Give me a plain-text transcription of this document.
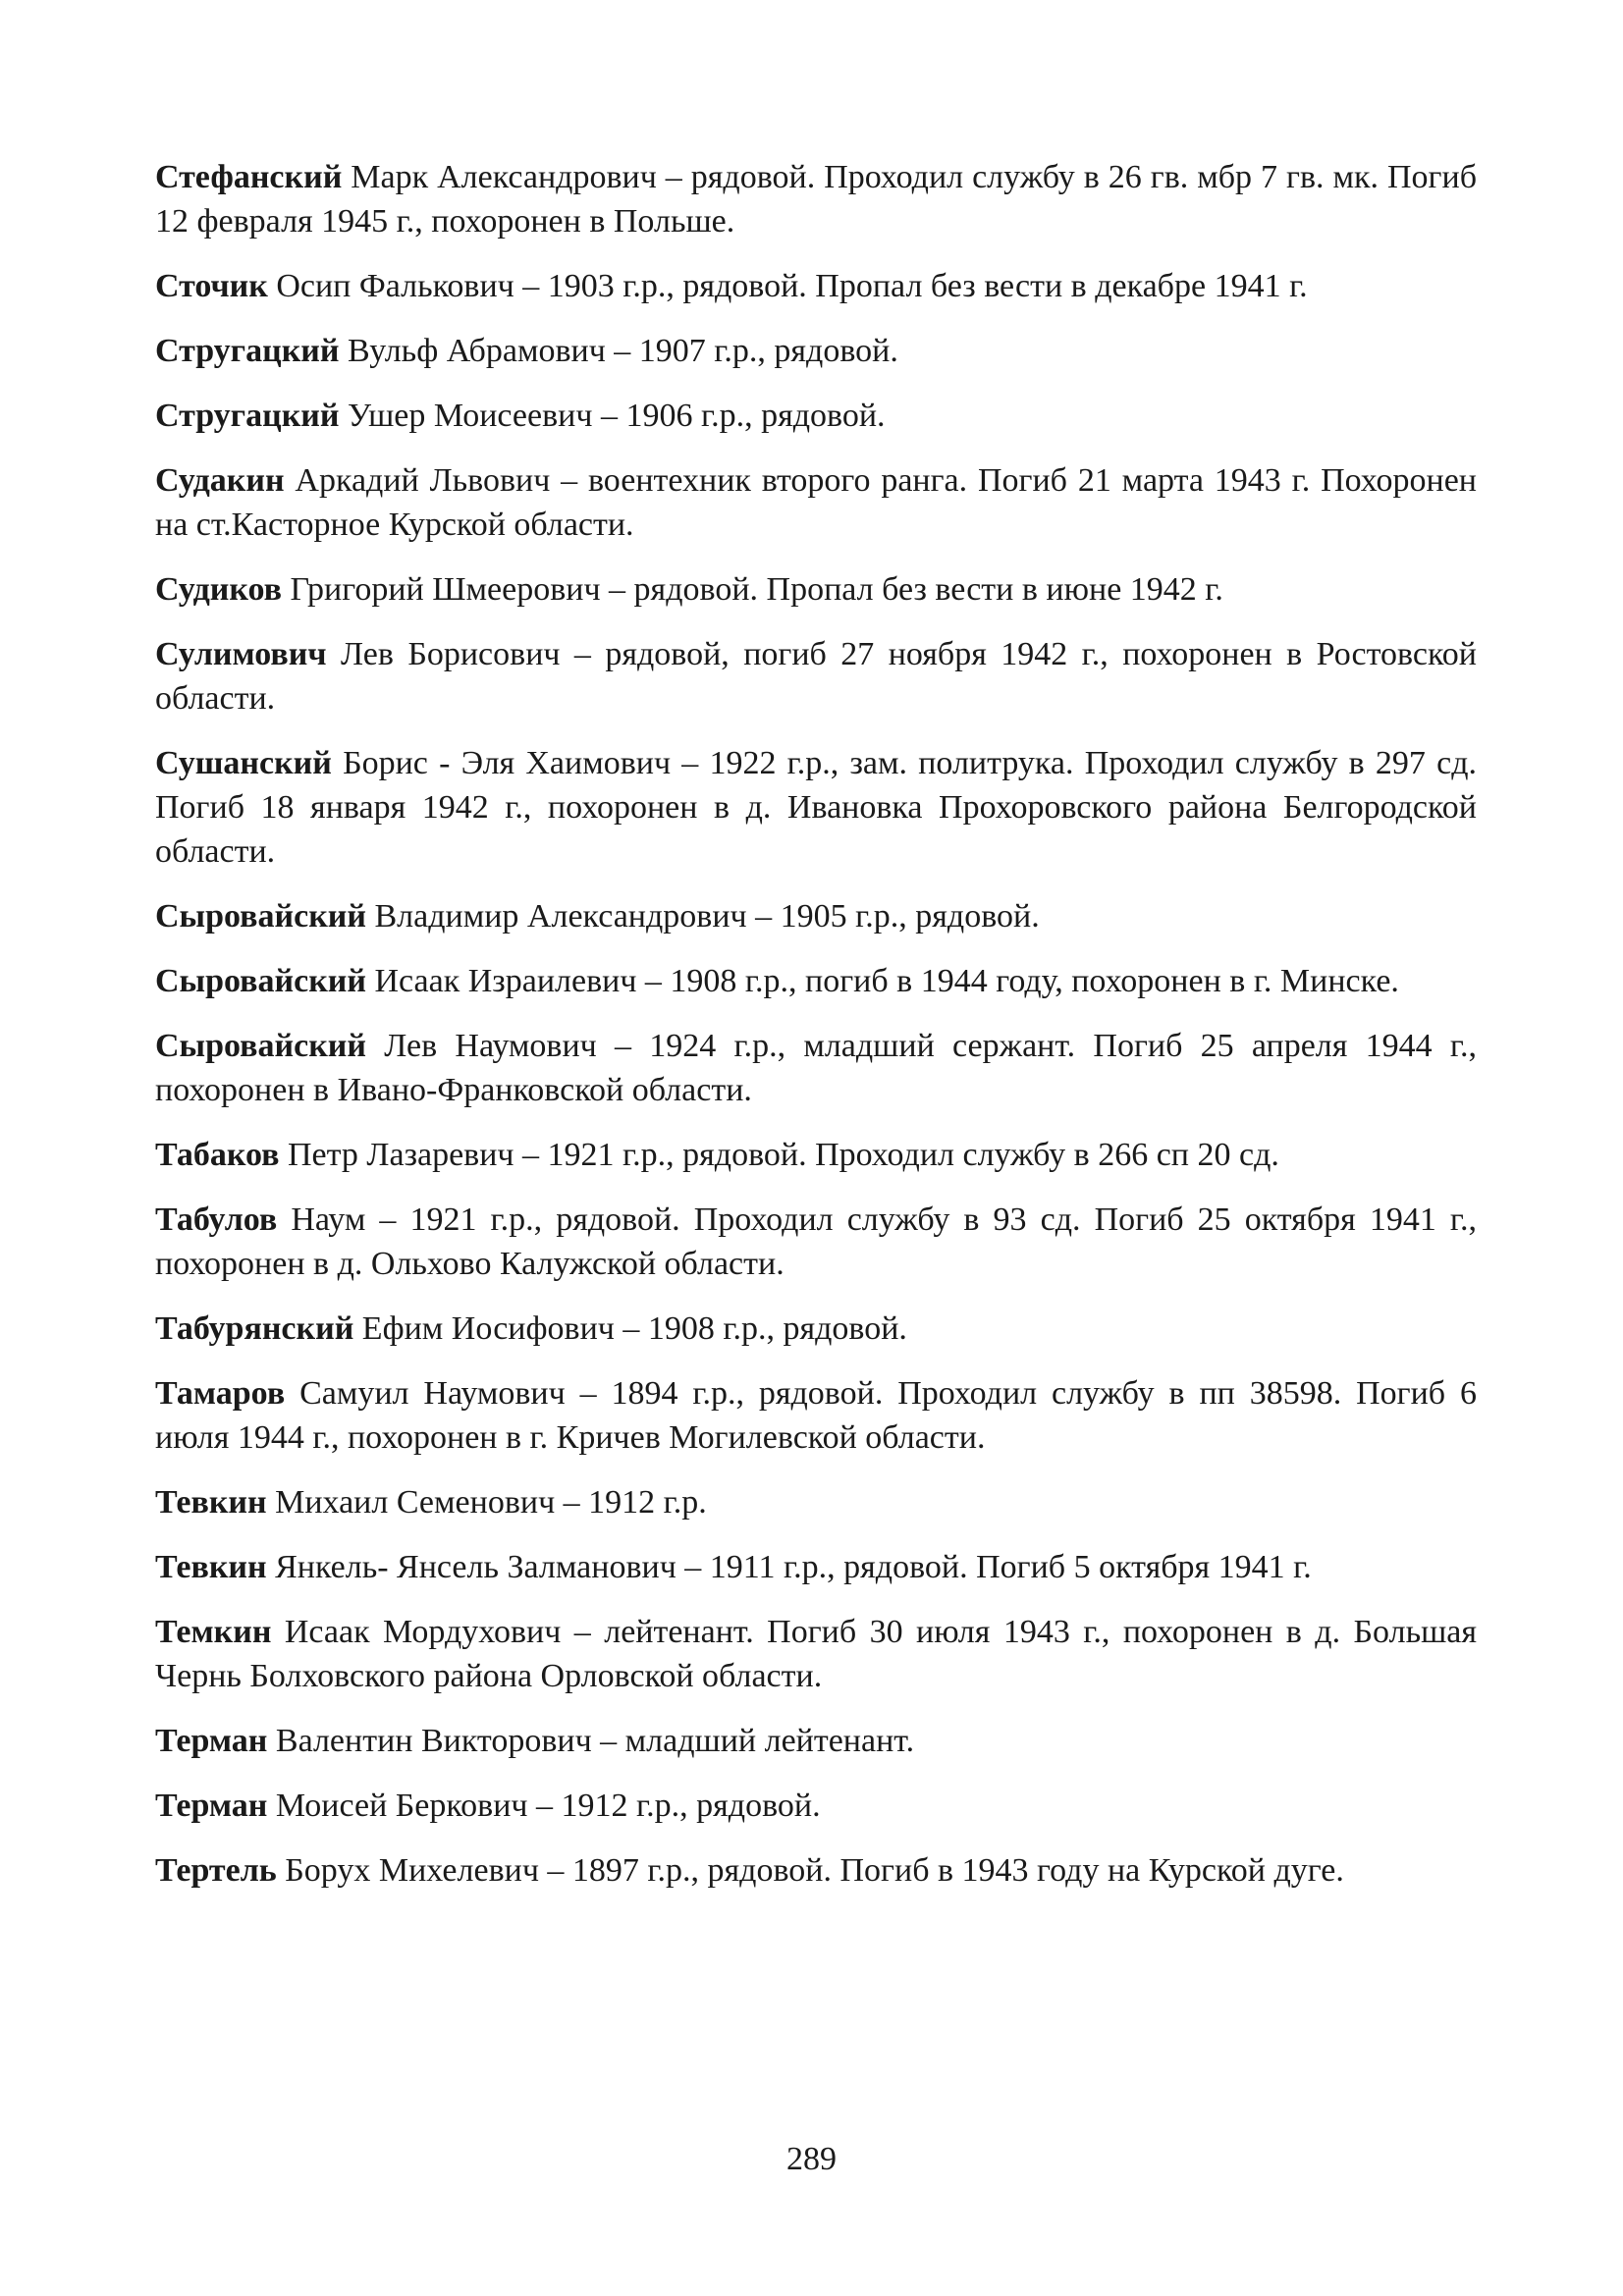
Стефанский Марк Александрович – рядовой. Проходил службу в 26 гв. мбр 7 гв. мк. Погиб 12 февраля 1945 г., похоронен в Польше.

Сточик Осип Фалькович – 1903 г.р., рядовой. Пропал без вести в декабре 1941 г.

Стругацкий Вульф Абрамович – 1907 г.р., рядовой.

Стругацкий Ушер Моисеевич – 1906 г.р., рядовой.

Судакин Аркадий Львович – воентехник второго ранга. Погиб 21 марта 1943 г. Похоронен на ст.Касторное Курской области.

Судиков Григорий Шмеерович – рядовой. Пропал без вести в июне 1942 г.

Сулимович Лев Борисович – рядовой, погиб 27 ноября 1942 г., похоронен в Ростовской области.

Сушанский Борис - Эля Хаимович – 1922 г.р., зам. политрука. Проходил службу в 297 сд. Погиб 18 января 1942 г., похоронен в д. Ивановка Прохоровского района Белгородской области.

Сыровайский Владимир Александрович – 1905 г.р., рядовой.

Сыровайский Исаак Израилевич – 1908 г.р., погиб в 1944 году, похоронен в г. Минске.

Сыровайский Лев Наумович – 1924 г.р., младший сержант. Погиб 25 апреля 1944 г., похоронен в Ивано-Франковской области.

Табаков Петр Лазаревич – 1921 г.р., рядовой. Проходил службу в 266 сп 20 сд.

Табулов Наум – 1921 г.р., рядовой. Проходил службу в 93 сд. Погиб 25 октября 1941 г., похоронен в д. Ольхово Калужской области.

Табурянский Ефим Иосифович – 1908 г.р., рядовой.

Тамаров Самуил Наумович – 1894 г.р., рядовой. Проходил службу в пп 38598. Погиб 6 июля 1944 г., похоронен в г. Кричев Могилевской области.

Тевкин Михаил Семенович – 1912 г.р.

Тевкин Янкель- Янсель Залманович – 1911 г.р., рядовой. Погиб 5 октября 1941 г.

Темкин Исаак Мордухович – лейтенант. Погиб 30 июля 1943 г., похоронен в д. Большая Чернь Болховского района Орловской области.

Терман Валентин Викторович – младший лейтенант.

Терман Моисей Беркович – 1912 г.р., рядовой.

Тертель Борух Михелевич – 1897 г.р., рядовой. Погиб в 1943 году на Курской дуге.

289
